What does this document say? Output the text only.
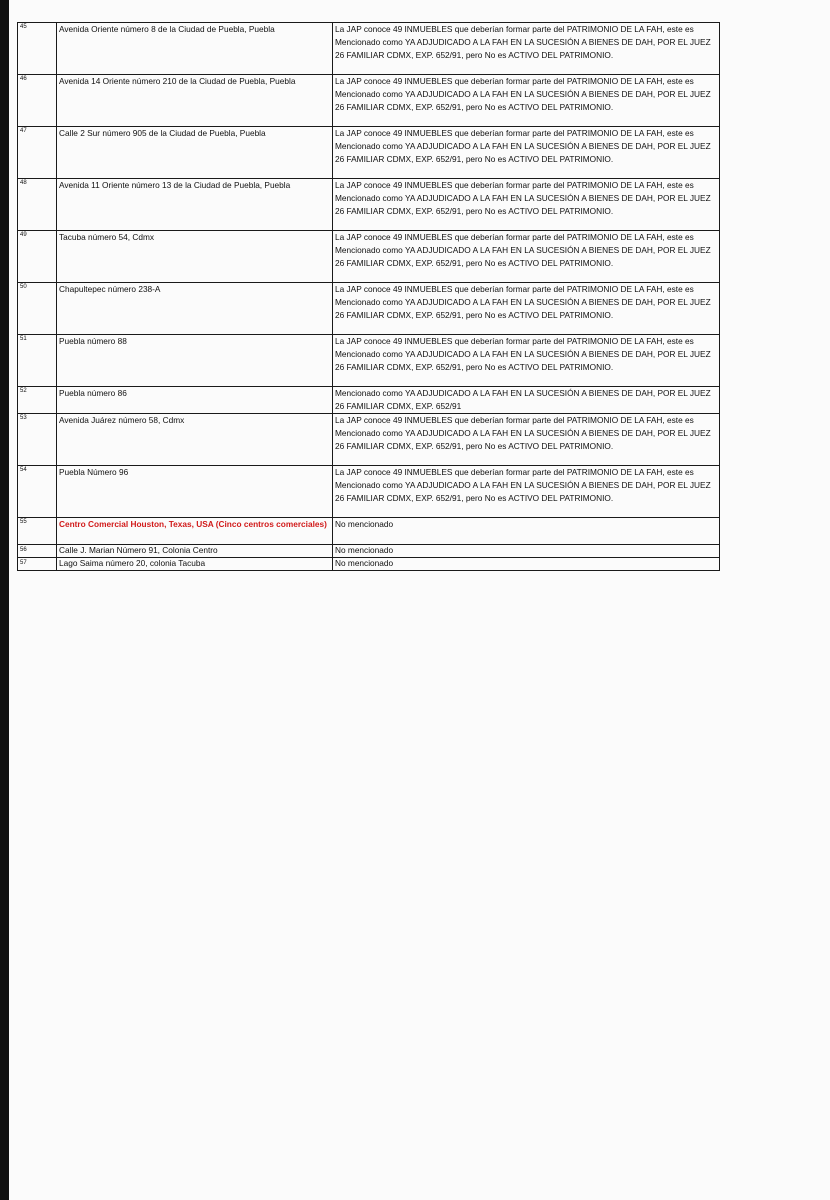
45	Avenida Oriente número 8 de la Ciudad de Puebla, Puebla	La JAP conoce 49 INMUEBLES que deberían formar parte del PATRIMONIO DE LA FAH, este es Mencionado como YA ADJUDICADO A LA FAH EN LA SUCESIÓN A BIENES DE DAH, POR EL JUEZ 26 FAMILIAR CDMX, EXP. 652/91, pero No es ACTIVO DEL PATRIMONIO.
46	Avenida 14 Oriente número 210 de la Ciudad de Puebla, Puebla	La JAP conoce 49 INMUEBLES que deberían formar parte del PATRIMONIO DE LA FAH, este es Mencionado como YA ADJUDICADO A LA FAH EN LA SUCESIÓN A BIENES DE DAH, POR EL JUEZ 26 FAMILIAR CDMX, EXP. 652/91, pero No es ACTIVO DEL PATRIMONIO.
47	Calle 2 Sur número 905 de la Ciudad de Puebla, Puebla	La JAP conoce 49 INMUEBLES que deberían formar parte del PATRIMONIO DE LA FAH, este es Mencionado como YA ADJUDICADO A LA FAH EN LA SUCESIÓN A BIENES DE DAH, POR EL JUEZ 26 FAMILIAR CDMX, EXP. 652/91, pero No es ACTIVO DEL PATRIMONIO.
48	Avenida 11 Oriente número 13 de la Ciudad de Puebla, Puebla	La JAP conoce 49 INMUEBLES que deberían formar parte del PATRIMONIO DE LA FAH, este es Mencionado como YA ADJUDICADO A LA FAH EN LA SUCESIÓN A BIENES DE DAH, POR EL JUEZ 26 FAMILIAR CDMX, EXP. 652/91, pero No es ACTIVO DEL PATRIMONIO.
49	Tacuba número 54, Cdmx	La JAP conoce 49 INMUEBLES que deberían formar parte del PATRIMONIO DE LA FAH, este es Mencionado como YA ADJUDICADO A LA FAH EN LA SUCESIÓN A BIENES DE DAH, POR EL JUEZ 26 FAMILIAR CDMX, EXP. 652/91, pero No es ACTIVO DEL PATRIMONIO.
50	Chapultepec número 238-A	La JAP conoce 49 INMUEBLES que deberían formar parte del PATRIMONIO DE LA FAH, este es Mencionado como YA ADJUDICADO A LA FAH EN LA SUCESIÓN A BIENES DE DAH, POR EL JUEZ 26 FAMILIAR CDMX, EXP. 652/91, pero No es ACTIVO DEL PATRIMONIO.
51	Puebla número 88	La JAP conoce 49 INMUEBLES que deberían formar parte del PATRIMONIO DE LA FAH, este es Mencionado como YA ADJUDICADO A LA FAH EN LA SUCESIÓN A BIENES DE DAH, POR EL JUEZ 26 FAMILIAR CDMX, EXP. 652/91, pero No es ACTIVO DEL PATRIMONIO.
52	Puebla número 86	Mencionado como YA ADJUDICADO A LA FAH EN LA SUCESIÓN A BIENES DE DAH, POR EL JUEZ 26 FAMILIAR CDMX, EXP. 652/91
53	Avenida Juárez número 58, Cdmx	La JAP conoce 49 INMUEBLES que deberían formar parte del PATRIMONIO DE LA FAH, este es Mencionado como YA ADJUDICADO A LA FAH EN LA SUCESIÓN A BIENES DE DAH, POR EL JUEZ 26 FAMILIAR CDMX, EXP. 652/91, pero No es ACTIVO DEL PATRIMONIO.
54	Puebla Número 96	La JAP conoce 49 INMUEBLES que deberían formar parte del PATRIMONIO DE LA FAH, este es Mencionado como YA ADJUDICADO A LA FAH EN LA SUCESIÓN A BIENES DE DAH, POR EL JUEZ 26 FAMILIAR CDMX, EXP. 652/91, pero No es ACTIVO DEL PATRIMONIO.
55	Centro Comercial Houston, Texas, USA (Cinco centros comerciales)	No mencionado
56	Calle J. Marian Número 91, Colonia Centro	No mencionado
57	Lago Saima número 20, colonia Tacuba	No mencionado
